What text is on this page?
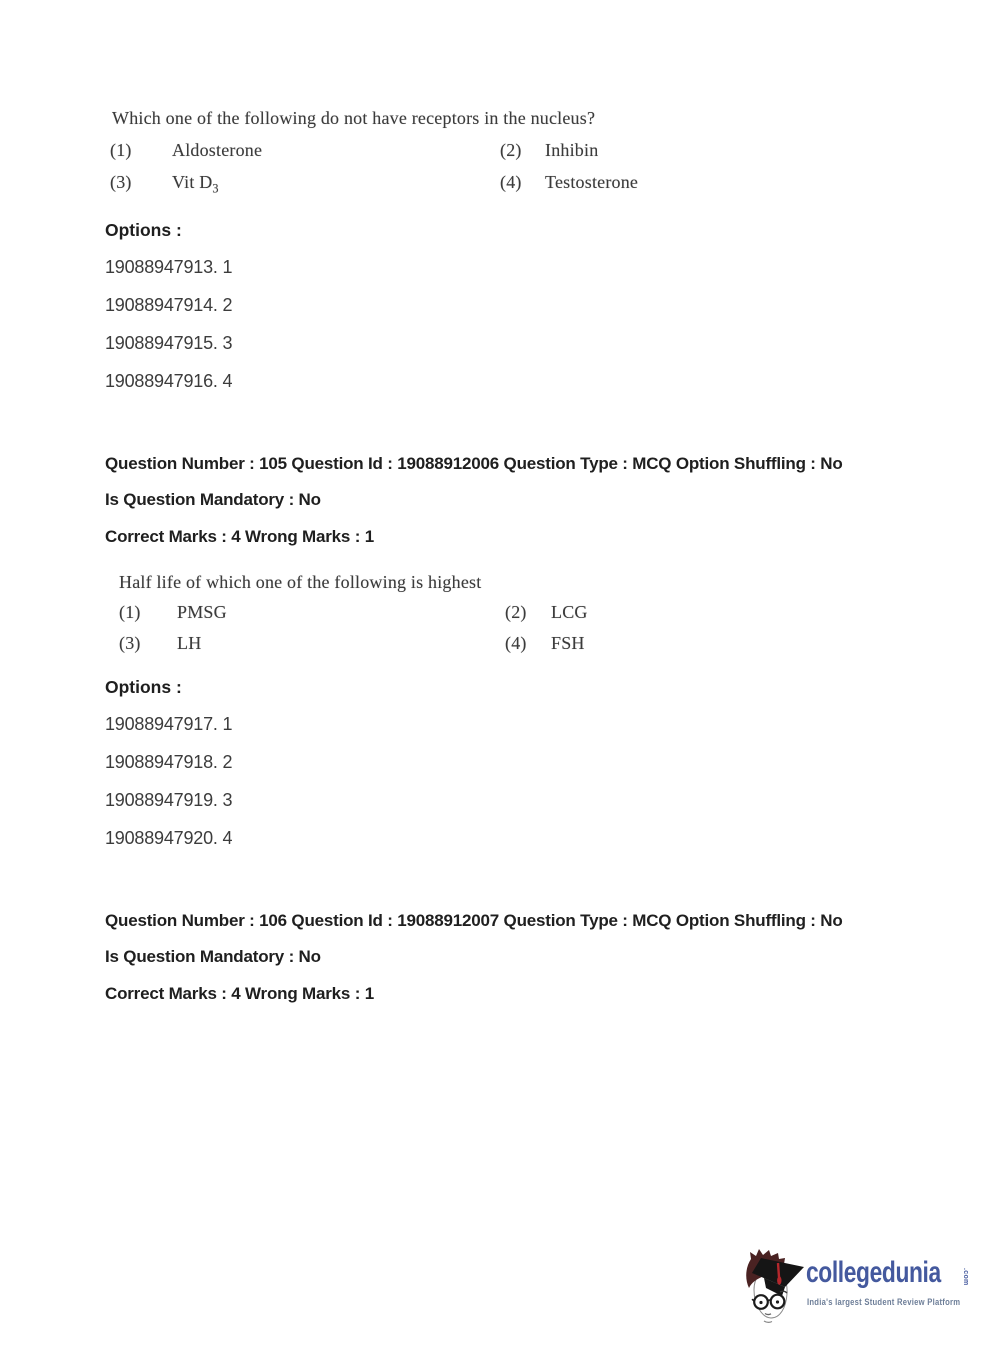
Which one of the following do not have receptors in the nucleus?
(1) Aldosterone	(2) Inhibin
(3) Vit $D_3$	(4) Testosterone
Options :
19088947913. 1
19088947914. 2
19088947915. 3
19088947916. 4
Question Number : 105 Question Id : 19088912006 Question Type : MCQ Option Shuffling : No
Is Question Mandatory : No
Correct Marks : 4 Wrong Marks : 1
Half life of which one of the following is highest
(1) PMSG	(2) LCG
(3) LH	(4) FSH
Options :
19088947917. 1
19088947918. 2
19088947919. 3
19088947920. 4
Question Number : 106 Question Id : 19088912007 Question Type : MCQ Option Shuffling : No
Is Question Mandatory : No
Correct Marks : 4 Wrong Marks : 1
collegedunia	.com
India's largest Student Review Platform
